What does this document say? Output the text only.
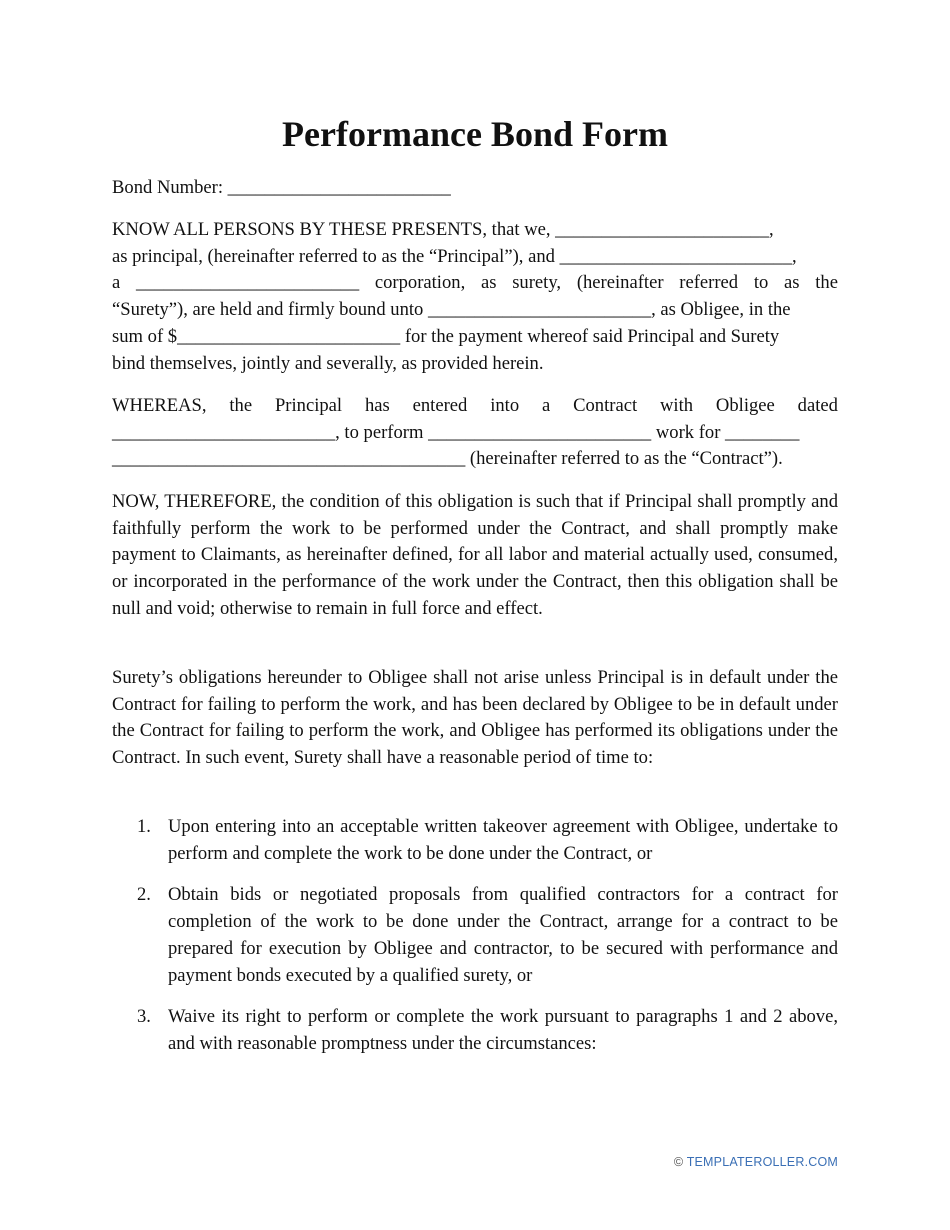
Performance Bond Form
Bond Number: ________________________
KNOW ALL PERSONS BY THESE PRESENTS, that we, _______________________,
as principal, (hereinafter referred to as the “Principal”), and _________________________,
a ________________________ corporation, as surety, (hereinafter referred to as the
“Surety”), are held and firmly bound unto ________________________, as Obligee, in the
sum of $________________________ for the payment whereof said Principal and Surety
bind themselves, jointly and severally, as provided herein.
WHEREAS, the Principal has entered into a Contract with Obligee dated
________________________, to perform ________________________ work for ________
______________________________________ (hereinafter referred to as the “Contract”).

NOW, THEREFORE, the condition of this obligation is such that if Principal shall promptly and faithfully perform the work to be performed under the Contract, and shall promptly make payment to Claimants, as hereinafter defined, for all labor and material actually used, consumed, or incorporated in the performance of the work under the Contract, then this obligation shall be null and void; otherwise to remain in full force and effect.

Surety’s obligations hereunder to Obligee shall not arise unless Principal is in default under the Contract for failing to perform the work, and has been declared by Obligee to be in default under the Contract for failing to perform the work, and Obligee has performed its obligations under the Contract. In such event, Surety shall have a reasonable period of time to:

1. Upon entering into an acceptable written takeover agreement with Obligee, undertake to perform and complete the work to be done under the Contract, or
2. Obtain bids or negotiated proposals from qualified contractors for a contract for completion of the work to be done under the Contract, arrange for a contract to be prepared for execution by Obligee and contractor, to be secured with performance and payment bonds executed by a qualified surety, or
3. Waive its right to perform or complete the work pursuant to paragraphs 1 and 2 above, and with reasonable promptness under the circumstances:
© TEMPLATEROLLER.COM
